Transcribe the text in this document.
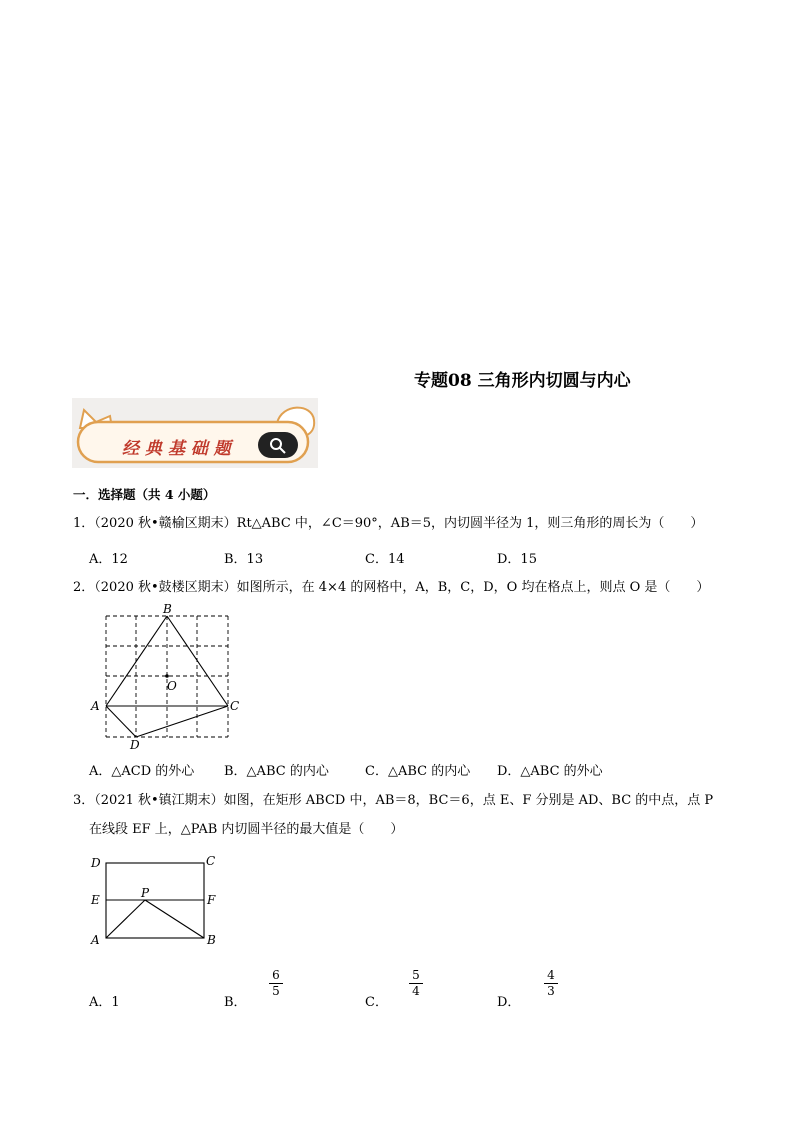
专题08 三角形内切圆与内心
经 典 基 础 题
一．选择题（共 4 小题）
1．（2020 秋•赣榆区期末）Rt△ABC 中，∠C＝90°，AB＝5，内切圆半径为 1，则三角形的周长为（　　）
A．12	B．13	C．14	D．15
2．（2020 秋•鼓楼区期末）如图所示，在 4×4 的网格中，A，B，C，D，O 均在格点上，则点 O 是（　　）
B
O
A	C
D
A．△ACD 的外心 B．△ABC 的内心	C．△ABC 的内心 D．△ABC 的外心
3．（2021 秋•镇江期末）如图，在矩形 ABCD 中，AB＝8，BC＝6，点 E、F 分别是 AD、BC 的中点，点 P
在线段 EF 上，△PAB 内切圆半径的最大值是（　　）
D	C
E	F
P
A	B
A．1	B．
6
5
C．
5
4
D．
4
3
